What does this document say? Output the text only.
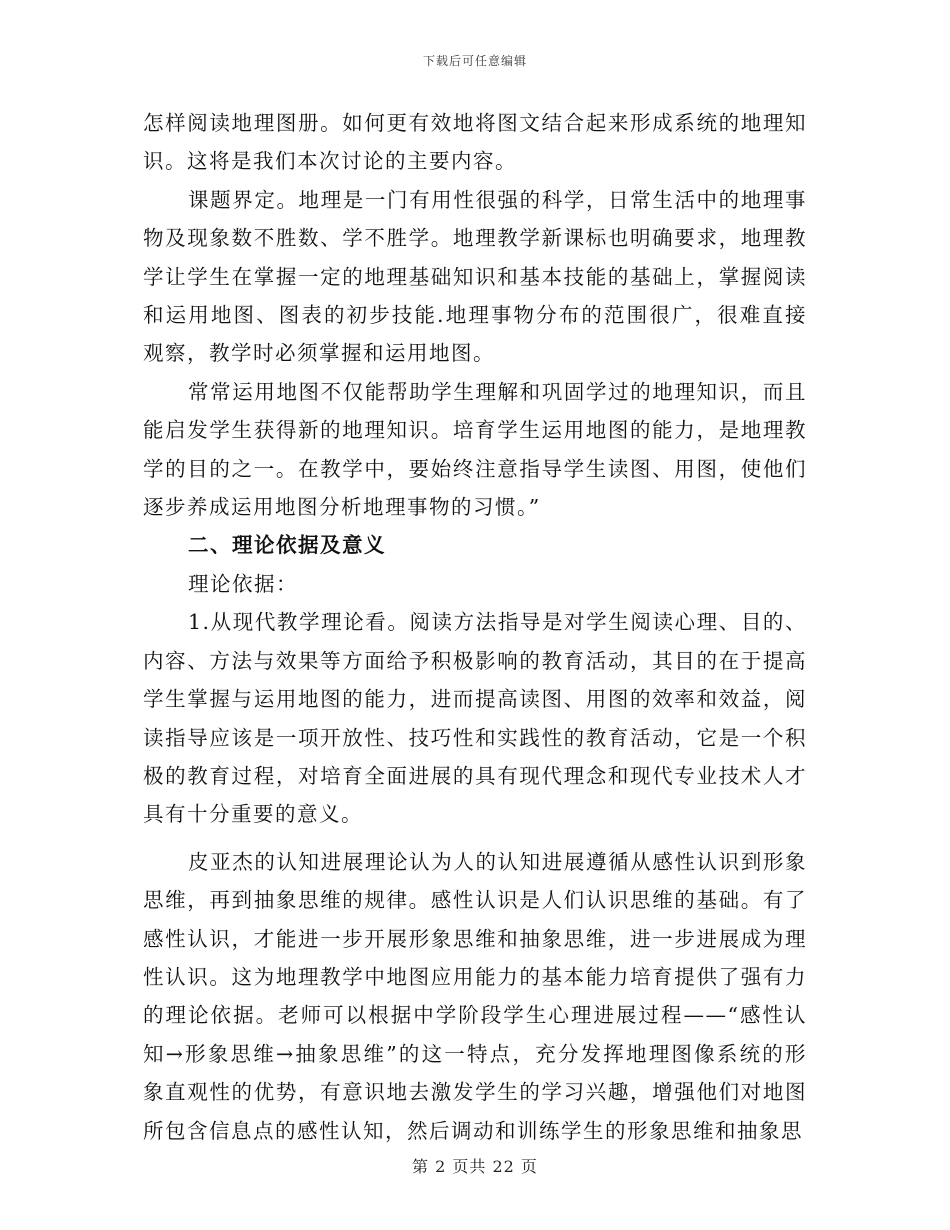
下载后可任意编辑

怎样阅读地理图册。如何更有效地将图文结合起来形成系统的地理知识。这将是我们本次讨论的主要内容。

课题界定。地理是一门有用性很强的科学，日常生活中的地理事物及现象数不胜数、学不胜学。地理教学新课标也明确要求，地理教学让学生在掌握一定的地理基础知识和基本技能的基础上，掌握阅读和运用地图、图表的初步技能.地理事物分布的范围很广，很难直接观察，教学时必须掌握和运用地图。

常常运用地图不仅能帮助学生理解和巩固学过的地理知识，而且能启发学生获得新的地理知识。培育学生运用地图的能力，是地理教学的目的之一。在教学中，要始终注意指导学生读图、用图，使他们逐步养成运用地图分析地理事物的习惯。”

二、理论依据及意义

理论依据：

1.从现代教学理论看。阅读方法指导是对学生阅读心理、目的、内容、方法与效果等方面给予积极影响的教育活动，其目的在于提高学生掌握与运用地图的能力，进而提高读图、用图的效率和效益，阅读指导应该是一项开放性、技巧性和实践性的教育活动，它是一个积极的教育过程，对培育全面进展的具有现代理念和现代专业技术人才具有十分重要的意义。

皮亚杰的认知进展理论认为人的认知进展遵循从感性认识到形象思维，再到抽象思维的规律。感性认识是人们认识思维的基础。有了感性认识，才能进一步开展形象思维和抽象思维，进一步进展成为理性认识。这为地理教学中地图应用能力的基本能力培育提供了强有力的理论依据。老师可以根据中学阶段学生心理进展过程——“感性认知→形象思维→抽象思维”的这一特点，充分发挥地理图像系统的形象直观性的优势，有意识地去激发学生的学习兴趣，增强他们对地图所包含信息点的感性认知，然后调动和训练学生的形象思维和抽象思

第 2 页共 22 页
